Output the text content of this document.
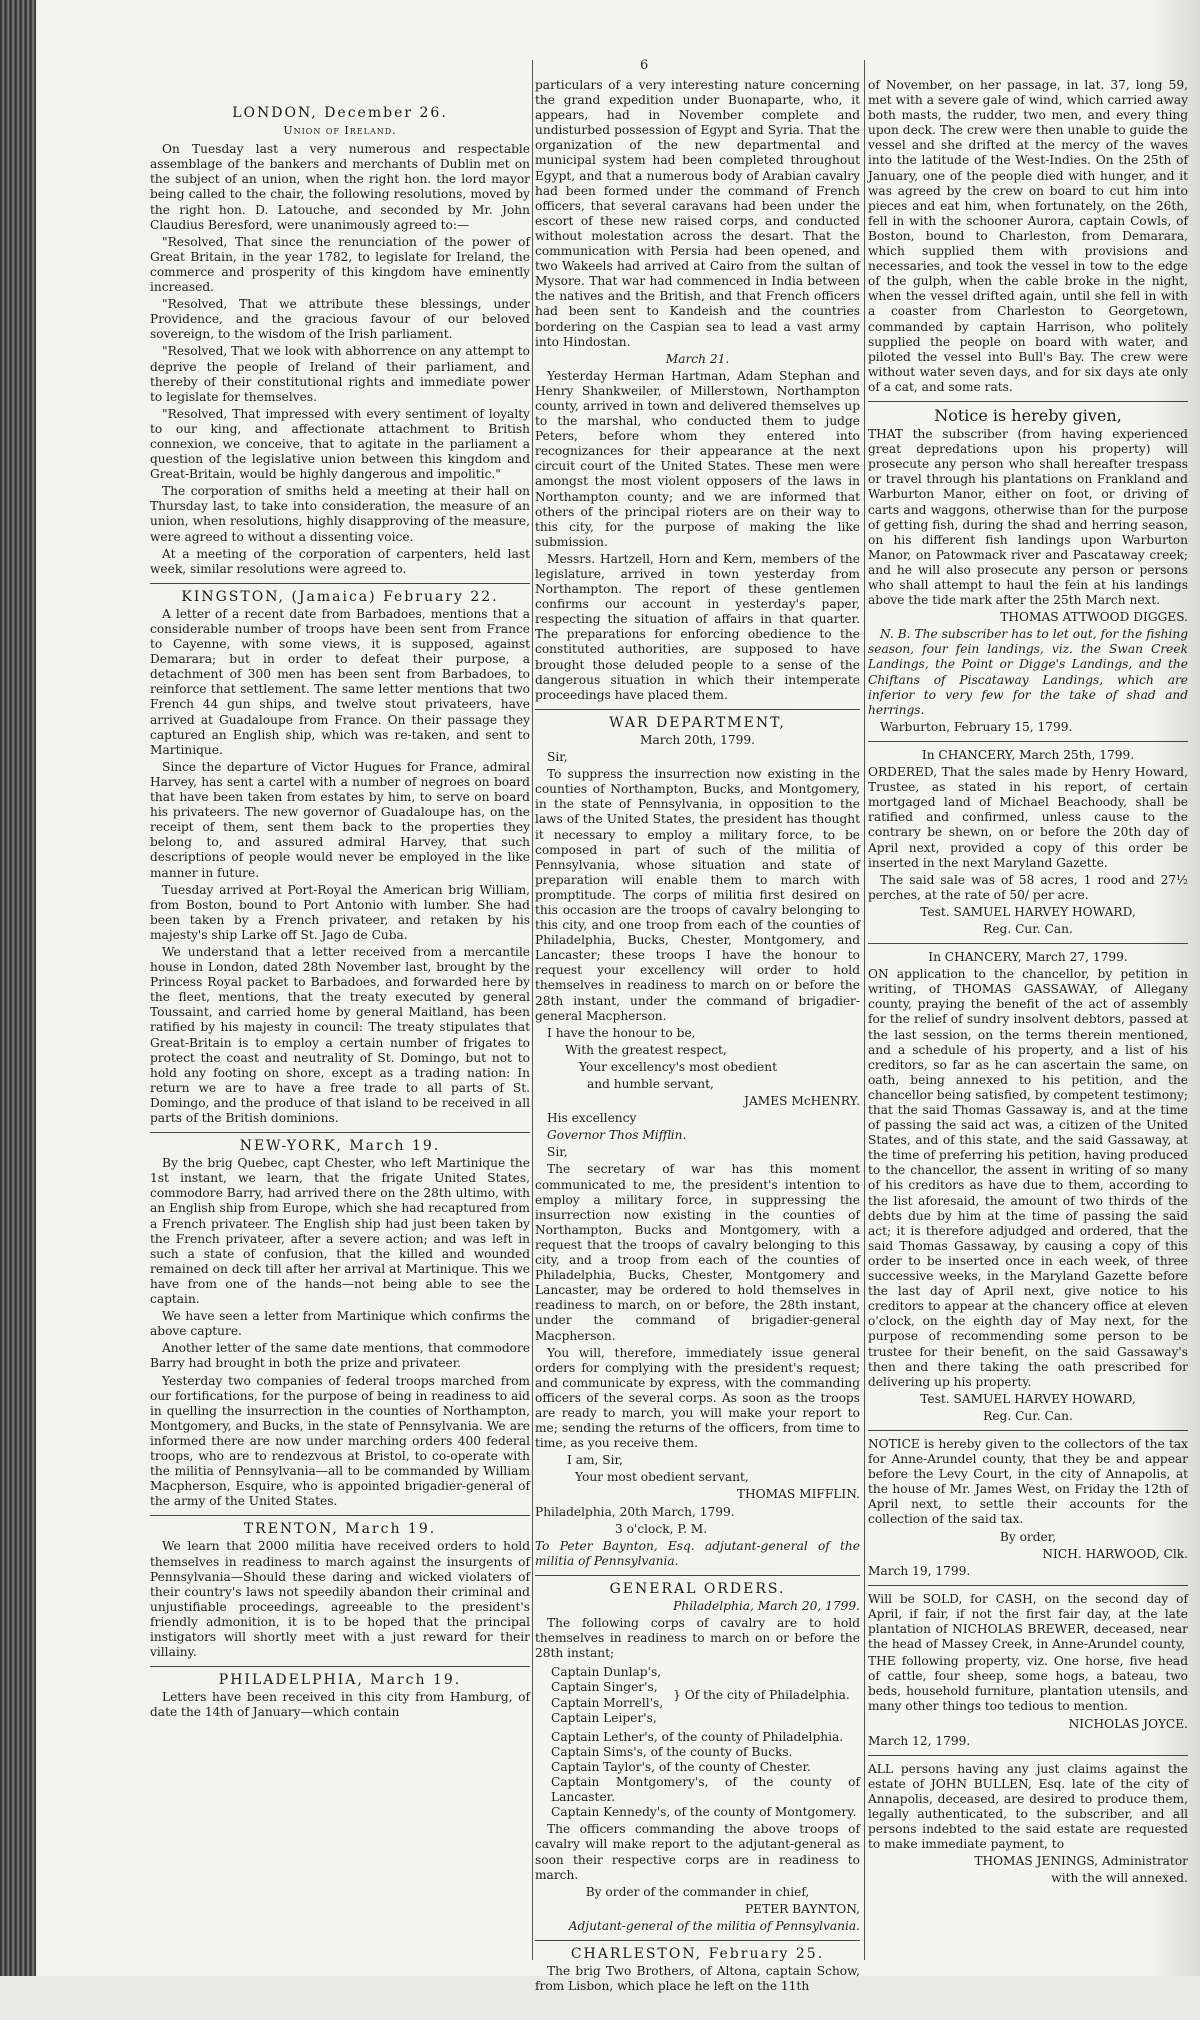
6
LONDON, December 26.
Union of Ireland.

On Tuesday last a very numerous and respectable assemblage of the bankers and merchants of Dublin met on the subject of an union, when the right hon. the lord mayor being called to the chair, the following resolutions, moved by the right hon. D. Latouche, and seconded by Mr. John Claudius Beresford, were unanimously agreed to:—

"Resolved, That since the renunciation of the power of Great Britain, in the year 1782, to legislate for Ireland, the commerce and prosperity of this kingdom have eminently increased.

"Resolved, That we attribute these blessings, under Providence, and the gracious favour of our beloved sovereign, to the wisdom of the Irish parliament.

"Resolved, That we look with abhorrence on any attempt to deprive the people of Ireland of their parliament, and thereby of their constitutional rights and immediate power to legislate for themselves.

"Resolved, That impressed with every sentiment of loyalty to our king, and affectionate attachment to British connexion, we conceive, that to agitate in the parliament a question of the legislative union between this kingdom and Great-Britain, would be highly dangerous and impolitic."

The corporation of smiths held a meeting at their hall on Thursday last, to take into consideration, the measure of an union, when resolutions, highly disapproving of the measure, were agreed to without a dissenting voice.

At a meeting of the corporation of carpenters, held last week, similar resolutions were agreed to.

KINGSTON, (Jamaica) February 22.

A letter of a recent date from Barbadoes, mentions that a considerable number of troops have been sent from France to Cayenne, with some views, it is supposed, against Demarara; but in order to defeat their purpose, a detachment of 300 men has been sent from Barbadoes, to reinforce that settlement. The same letter mentions that two French 44 gun ships, and twelve stout privateers, have arrived at Guadaloupe from France. On their passage they captured an English ship, which was re-taken, and sent to Martinique.

Since the departure of Victor Hugues for France, admiral Harvey, has sent a cartel with a number of negroes on board that have been taken from estates by him, to serve on board his privateers. The new governor of Guadaloupe has, on the receipt of them, sent them back to the properties they belong to, and assured admiral Harvey, that such descriptions of people would never be employed in the like manner in future.

Tuesday arrived at Port-Royal the American brig William, from Boston, bound to Port Antonio with lumber. She had been taken by a French privateer, and retaken by his majesty's ship Larke off St. Jago de Cuba.

We understand that a letter received from a mercantile house in London, dated 28th November last, brought by the Princess Royal packet to Barbadoes, and forwarded here by the fleet, mentions, that the treaty executed by general Toussaint, and carried home by general Maitland, has been ratified by his majesty in council: The treaty stipulates that Great-Britain is to employ a certain number of frigates to protect the coast and neutrality of St. Domingo, but not to hold any footing on shore, except as a trading nation: In return we are to have a free trade to all parts of St. Domingo, and the produce of that island to be received in all parts of the British dominions.

NEW-YORK, March 19.

By the brig Quebec, capt Chester, who left Martinique the 1st instant, we learn, that the frigate United States, commodore Barry, had arrived there on the 28th ultimo, with an English ship from Europe, which she had recaptured from a French privateer. The English ship had just been taken by the French privateer, after a severe action; and was left in such a state of confusion, that the killed and wounded remained on deck till after her arrival at Martinique. This we have from one of the hands—not being able to see the captain.

We have seen a letter from Martinique which confirms the above capture.

Another letter of the same date mentions, that commodore Barry had brought in both the prize and privateer.

Yesterday two companies of federal troops marched from our fortifications, for the purpose of being in readiness to aid in quelling the insurrection in the counties of Northampton, Montgomery, and Bucks, in the state of Pennsylvania. We are informed there are now under marching orders 400 federal troops, who are to rendezvous at Bristol, to co-operate with the militia of Pennsylvania—all to be commanded by William Macpherson, Esquire, who is appointed brigadier-general of the army of the United States.

TRENTON, March 19.

We learn that 2000 militia have received orders to hold themselves in readiness to march against the insurgents of Pennsylvania—Should these daring and wicked violaters of their country's laws not speedily abandon their criminal and unjustifiable proceedings, agreeable to the president's friendly admonition, it is to be hoped that the principal instigators will shortly meet with a just reward for their villainy.

PHILADELPHIA, March 19.

Letters have been received in this city from Hamburg, of date the 14th of January—which contain

particulars of a very interesting nature concerning the grand expedition under Buonaparte, who, it appears, had in November complete and undisturbed possession of Egypt and Syria. That the organization of the new departmental and municipal system had been completed throughout Egypt, and that a numerous body of Arabian cavalry had been formed under the command of French officers, that several caravans had been under the escort of these new raised corps, and conducted without molestation across the desart. That the communication with Persia had been opened, and two Wakeels had arrived at Cairo from the sultan of Mysore. That war had commenced in India between the natives and the British, and that French officers had been sent to Kandeish and the countries bordering on the Caspian sea to lead a vast army into Hindostan.

March 21.

Yesterday Herman Hartman, Adam Stephan and Henry Shankweiler, of Millerstown, Northampton county, arrived in town and delivered themselves up to the marshal, who conducted them to judge Peters, before whom they entered into recognizances for their appearance at the next circuit court of the United States. These men were amongst the most violent opposers of the laws in Northampton county; and we are informed that others of the principal rioters are on their way to this city, for the purpose of making the like submission.

Messrs. Hartzell, Horn and Kern, members of the legislature, arrived in town yesterday from Northampton. The report of these gentlemen confirms our account in yesterday's paper, respecting the situation of affairs in that quarter. The preparations for enforcing obedience to the constituted authorities, are supposed to have brought those deluded people to a sense of the dangerous situation in which their intemperate proceedings have placed them.

WAR DEPARTMENT,

March 20th, 1799.

Sir,

To suppress the insurrection now existing in the counties of Northampton, Bucks, and Montgomery, in the state of Pennsylvania, in opposition to the laws of the United States, the president has thought it necessary to employ a military force, to be composed in part of such of the militia of Pennsylvania, whose situation and state of preparation will enable them to march with promptitude. The corps of militia first desired on this occasion are the troops of cavalry belonging to this city, and one troop from each of the counties of Philadelphia, Bucks, Chester, Montgomery, and Lancaster; these troops I have the honour to request your excellency will order to hold themselves in readiness to march on or before the 28th instant, under the command of brigadier-general Macpherson.

I have the honour to be,

With the greatest respect,

Your excellency's most obedient

and humble servant,

JAMES McHENRY.

His excellency

Governor Thos Mifflin.

Sir,

The secretary of war has this moment communicated to me, the president's intention to employ a military force, in suppressing the insurrection now existing in the counties of Northampton, Bucks and Montgomery, with a request that the troops of cavalry belonging to this city, and a troop from each of the counties of Philadelphia, Bucks, Chester, Montgomery and Lancaster, may be ordered to hold themselves in readiness to march, on or before, the 28th instant, under the command of brigadier-general Macpherson.

You will, therefore, immediately issue general orders for complying with the president's request; and communicate by express, with the commanding officers of the several corps. As soon as the troops are ready to march, you will make your report to me; sending the returns of the officers, from time to time, as you receive them.

I am, Sir,

Your most obedient servant,

THOMAS MIFFLIN.

Philadelphia, 20th March, 1799.

3 o'clock, P. M.

To Peter Baynton, Esq. adjutant-general of the militia of Pennsylvania.

GENERAL ORDERS.

Philadelphia, March 20, 1799.

The following corps of cavalry are to hold themselves in readiness to march on or before the 28th instant;

Captain Dunlap's,
Captain Singer's,
Captain Morrell's,
Captain Leiper's,
} Of the city of Philadelphia.
Captain Lether's, of the county of Philadelphia.
Captain Sims's, of the county of Bucks.
Captain Taylor's, of the county of Chester.
Captain Montgomery's, of the county of Lancaster.
Captain Kennedy's, of the county of Montgomery.

The officers commanding the above troops of cavalry will make report to the adjutant-general as soon their respective corps are in readiness to march.

By order of the commander in chief,

PETER BAYNTON,

Adjutant-general of the militia of Pennsylvania.

CHARLESTON, February 25.

The brig Two Brothers, of Altona, captain Schow, from Lisbon, which place he left on the 11th

of November, on her passage, in lat. 37, long 59, met with a severe gale of wind, which carried away both masts, the rudder, two men, and every thing upon deck. The crew were then unable to guide the vessel and she drifted at the mercy of the waves into the latitude of the West-Indies. On the 25th of January, one of the people died with hunger, and it was agreed by the crew on board to cut him into pieces and eat him, when fortunately, on the 26th, fell in with the schooner Aurora, captain Cowls, of Boston, bound to Charleston, from Demarara, which supplied them with provisions and necessaries, and took the vessel in tow to the edge of the gulph, when the cable broke in the night, when the vessel drifted again, until she fell in with a coaster from Charleston to Georgetown, commanded by captain Harrison, who politely supplied the people on board with water, and piloted the vessel into Bull's Bay. The crew were without water seven days, and for six days ate only of a cat, and some rats.

Notice is hereby given,

THAT the subscriber (from having experienced great depredations upon his property) will prosecute any person who shall hereafter trespass or travel through his plantations on Frankland and Warburton Manor, either on foot, or driving of carts and waggons, otherwise than for the purpose of getting fish, during the shad and herring season, on his different fish landings upon Warburton Manor, on Patowmack river and Pascataway creek; and he will also prosecute any person or persons who shall attempt to haul the fein at his landings above the tide mark after the 25th March next.

THOMAS ATTWOOD DIGGES.

N. B. The subscriber has to let out, for the fishing season, four fein landings, viz. the Swan Creek Landings, the Point or Digge's Landings, and the Chiftans of Piscataway Landings, which are inferior to very few for the take of shad and herrings.

Warburton, February 15, 1799.

In CHANCERY, March 25th, 1799.

ORDERED, That the sales made by Henry Howard, Trustee, as stated in his report, of certain mortgaged land of Michael Beachoody, shall be ratified and confirmed, unless cause to the contrary be shewn, on or before the 20th day of April next, provided a copy of this order be inserted in the next Maryland Gazette.

The said sale was of 58 acres, 1 rood and 27½ perches, at the rate of 50/ per acre.

Test. SAMUEL HARVEY HOWARD,

Reg. Cur. Can.

In CHANCERY, March 27, 1799.

ON application to the chancellor, by petition in writing, of THOMAS GASSAWAY, of Allegany county, praying the benefit of the act of assembly for the relief of sundry insolvent debtors, passed at the last session, on the terms therein mentioned, and a schedule of his property, and a list of his creditors, so far as he can ascertain the same, on oath, being annexed to his petition, and the chancellor being satisfied, by competent testimony; that the said Thomas Gassaway is, and at the time of passing the said act was, a citizen of the United States, and of this state, and the said Gassaway, at the time of preferring his petition, having produced to the chancellor, the assent in writing of so many of his creditors as have due to them, according to the list aforesaid, the amount of two thirds of the debts due by him at the time of passing the said act; it is therefore adjudged and ordered, that the said Thomas Gassaway, by causing a copy of this order to be inserted once in each week, of three successive weeks, in the Maryland Gazette before the last day of April next, give notice to his creditors to appear at the chancery office at eleven o'clock, on the eighth day of May next, for the purpose of recommending some person to be trustee for their benefit, on the said Gassaway's then and there taking the oath prescribed for delivering up his property.

Test. SAMUEL HARVEY HOWARD,

Reg. Cur. Can.

NOTICE is hereby given to the collectors of the tax for Anne-Arundel county, that they be and appear before the Levy Court, in the city of Annapolis, at the house of Mr. James West, on Friday the 12th of April next, to settle their accounts for the collection of the said tax.

By order,

NICH. HARWOOD, Clk.

March 19, 1799.

Will be SOLD, for CASH, on the second day of April, if fair, if not the first fair day, at the late plantation of NICHOLAS BREWER, deceased, near the head of Massey Creek, in Anne-Arundel county,

THE following property, viz. One horse, five head of cattle, four sheep, some hogs, a bateau, two beds, household furniture, plantation utensils, and many other things too tedious to mention.

NICHOLAS JOYCE.

March 12, 1799.

ALL persons having any just claims against the estate of JOHN BULLEN, Esq. late of the city of Annapolis, deceased, are desired to produce them, legally authenticated, to the subscriber, and all persons indebted to the said estate are requested to make immediate payment, to

THOMAS JENINGS, Administrator

with the will annexed.
